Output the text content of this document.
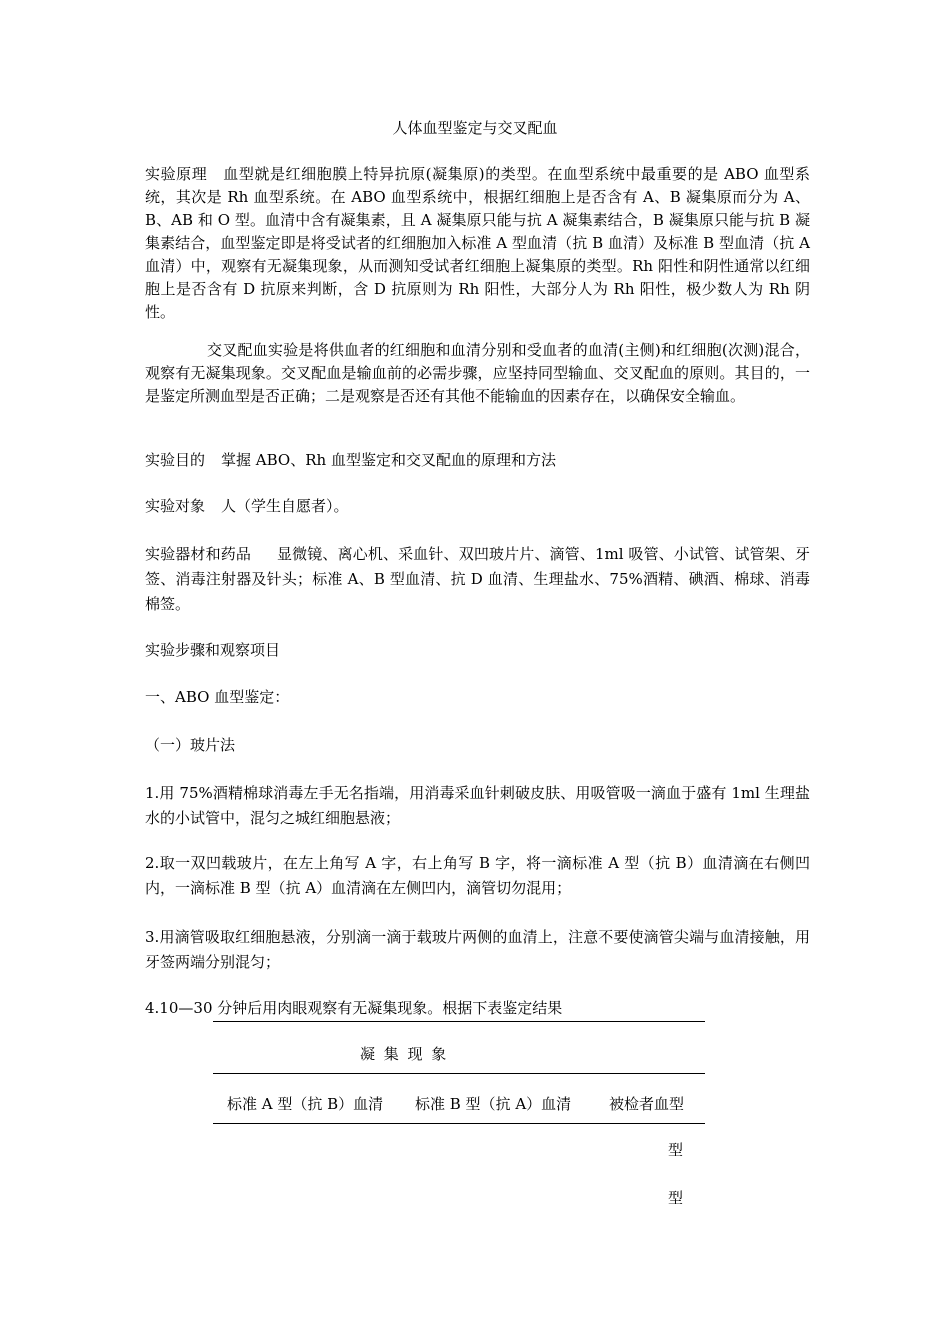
人体血型鉴定与交叉配血
实验原理 血型就是红细胞膜上特异抗原(凝集原)的类型。在血型系统中最重要的是 ABO 血型系统，其次是 Rh 血型系统。在 ABO 血型系统中，根据红细胞上是否含有 A、B 凝集原而分为 A、B、AB 和 O 型。血清中含有凝集素，且 A 凝集原只能与抗 A 凝集素结合，B 凝集原只能与抗 B 凝集素结合，血型鉴定即是将受试者的红细胞加入标准 A 型血清（抗 B 血清）及标准 B 型血清（抗 A 血清）中，观察有无凝集现象，从而测知受试者红细胞上凝集原的类型。Rh 阳性和阴性通常以红细胞上是否含有 D 抗原来判断，含 D 抗原则为 Rh 阳性，大部分人为 Rh 阳性，极少数人为 Rh 阴性。
交叉配血实验是将供血者的红细胞和血清分别和受血者的血清(主侧)和红细胞(次测)混合，观察有无凝集现象。交叉配血是输血前的必需步骤，应坚持同型输血、交叉配血的原则。其目的，一是鉴定所测血型是否正确；二是观察是否还有其他不能输血的因素存在，以确保安全输血。
实验目的 掌握 ABO、Rh 血型鉴定和交叉配血的原理和方法
实验对象 人（学生自愿者）。
实验器材和药品 显微镜、离心机、采血针、双凹玻片片、滴管、1ml 吸管、小试管、试管架、牙签、消毒注射器及针头；标准 A、B 型血清、抗 D 血清、生理盐水、75%酒精、碘酒、棉球、消毒棉签。
实验步骤和观察项目
一、ABO 血型鉴定：
（一）玻片法
1.用 75%酒精棉球消毒左手无名指端，用消毒采血针刺破皮肤、用吸管吸一滴血于盛有 1ml 生理盐水的小试管中，混匀之城红细胞悬液；
2.取一双凹载玻片，在左上角写 A 字，右上角写 B 字，将一滴标准 A 型（抗 B）血清滴在右侧凹内，一滴标准 B 型（抗 A）血清滴在左侧凹内，滴管切勿混用；
3.用滴管吸取红细胞悬液，分别滴一滴于载玻片两侧的血清上，注意不要使滴管尖端与血清接触，用牙签两端分别混匀；
4.10—30 分钟后用肉眼观察有无凝集现象。根据下表鉴定结果
凝 集 现 象
标准 A 型（抗 B）血清 标准 B 型（抗 A）血清	被检者血型
型
型
